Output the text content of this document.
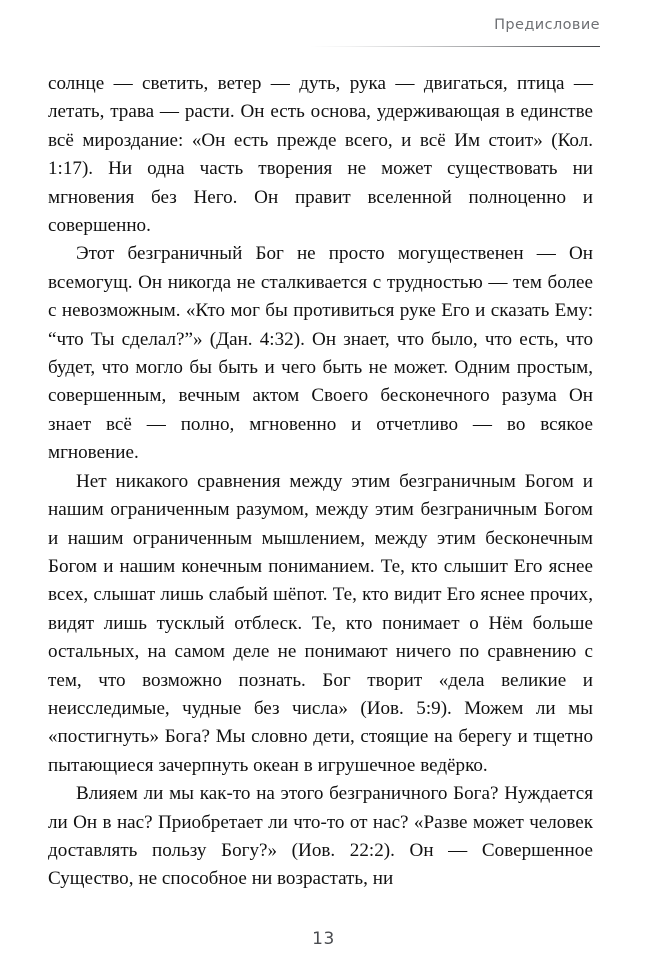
Предисловие

солнце — светить, ветер — дуть, рука — двигаться, птица — летать, трава — расти. Он есть основа, удерживающая в единстве всё мироздание: «Он есть прежде всего, и всё Им стоит» (Кол. 1:17). Ни одна часть творения не может существовать ни мгновения без Него. Он правит вселенной полноценно и совершенно.

Этот безграничный Бог не просто могущественен — Он всемогущ. Он никогда не сталкивается с трудностью — тем более с невозможным. «Кто мог бы противиться руке Его и сказать Ему: “что Ты сделал?”» (Дан. 4:32). Он знает, что было, что есть, что будет, что могло бы быть и чего быть не может. Одним простым, совершенным, вечным актом Своего бесконечного разума Он знает всё — полно, мгновенно и отчетливо — во всякое мгновение.

Нет никакого сравнения между этим безграничным Богом и нашим ограниченным разумом, между этим безграничным Богом и нашим ограниченным мышлением, между этим бесконечным Богом и нашим конечным пониманием. Те, кто слышит Его яснее всех, слышат лишь слабый шёпот. Те, кто видит Его яснее прочих, видят лишь тусклый отблеск. Те, кто понимает о Нём больше остальных, на самом деле не понимают ничего по сравнению с тем, что возможно познать. Бог творит «дела великие и неисследимые, чудные без числа» (Иов. 5:9). Можем ли мы «постигнуть» Бога? Мы словно дети, стоящие на берегу и тщетно пытающиеся зачерпнуть океан в игрушечное ведёрко.

Влияем ли мы как-то на этого безграничного Бога? Нуждается ли Он в нас? Приобретает ли что-то от нас? «Разве может человек доставлять пользу Богу?» (Иов. 22:2). Он — Совершенное Существо, не способное ни возрастать, ни

13
